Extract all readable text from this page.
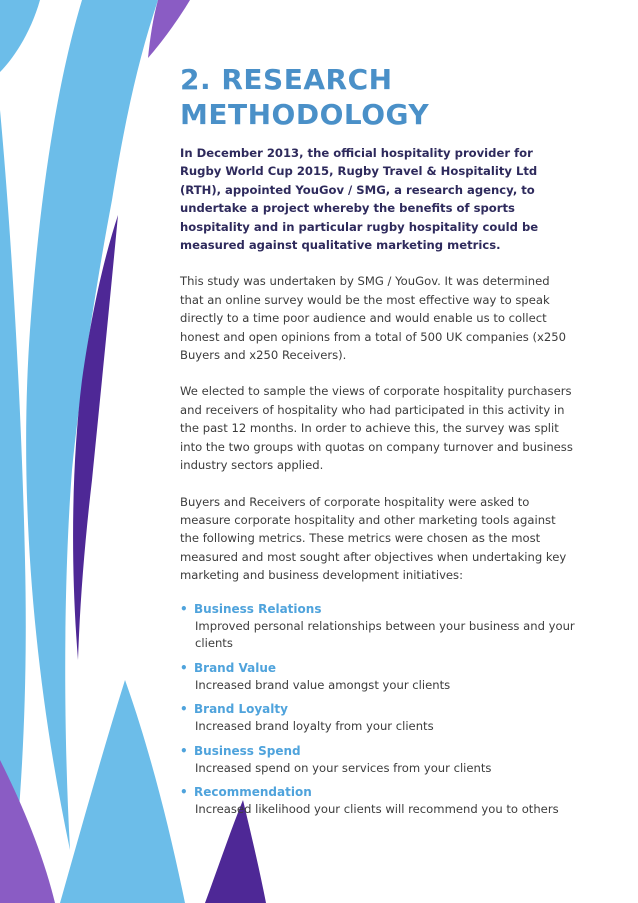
2. RESEARCH
METHODOLOGY

In December 2013, the official hospitality provider for Rugby World Cup 2015, Rugby Travel & Hospitality Ltd (RTH), appointed YouGov / SMG, a research agency, to undertake a project whereby the benefits of sports hospitality and in particular rugby hospitality could be measured against qualitative marketing metrics.

This study was undertaken by SMG / YouGov. It was determined that an online survey would be the most effective way to speak directly to a time poor audience and would enable us to collect honest and open opinions from a total of 500 UK companies (x250 Buyers and x250 Receivers).

We elected to sample the views of corporate hospitality purchasers and receivers of hospitality who had participated in this activity in the past 12 months. In order to achieve this, the survey was split into the two groups with quotas on company turnover and business industry sectors applied.

Buyers and Receivers of corporate hospitality were asked to measure corporate hospitality and other marketing tools against the following metrics. These metrics were chosen as the most measured and most sought after objectives when undertaking key marketing and business development initiatives:

• Business Relations
Improved personal relationships between your business and your clients
• Brand Value
Increased brand value amongst your clients
• Brand Loyalty
Increased brand loyalty from your clients
• Business Spend
Increased spend on your services from your clients
• Recommendation
Increased likelihood your clients will recommend you to others
